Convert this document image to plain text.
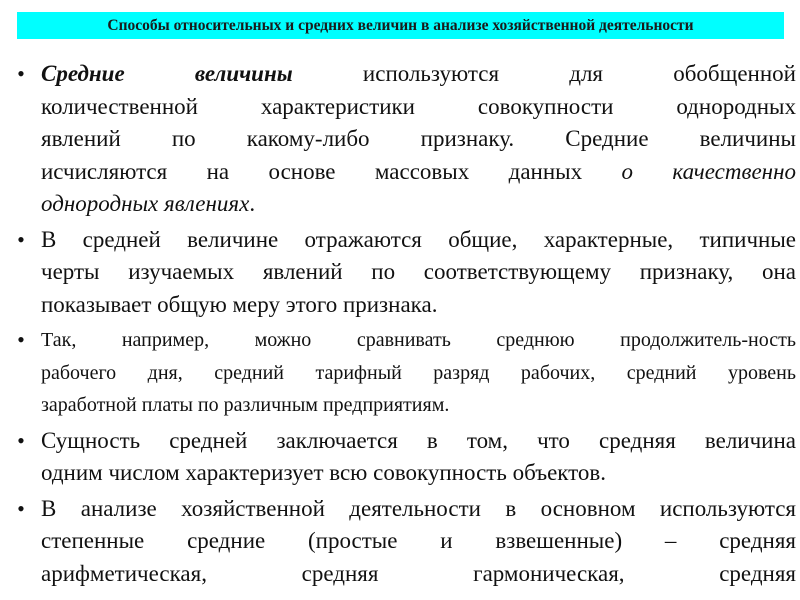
Способы относительных и средних величин в анализе хозяйственной деятельности
• Средние величины используются для обобщенной
количественной характеристики совокупности однородных
явлений по какому-либо признаку. Средние величины
исчисляются на основе массовых данных о качественно
однородных явлениях.
• В средней величине отражаются общие, характерные, типичные
черты изучаемых явлений по соответствующему признаку, она
показывает общую меру этого признака.
• Так, например, можно сравнивать среднюю продолжитель-ность
рабочего дня, средний тарифный разряд рабочих, средний уровень
заработной платы по различным предприятиям.
• Сущность средней заключается в том, что средняя величина
одним числом характеризует всю совокупность объектов.
• В анализе хозяйственной деятельности в основном используются
степенные средние (простые и взвешенные) – средняя
арифметическая, средняя гармоническая, средняя
